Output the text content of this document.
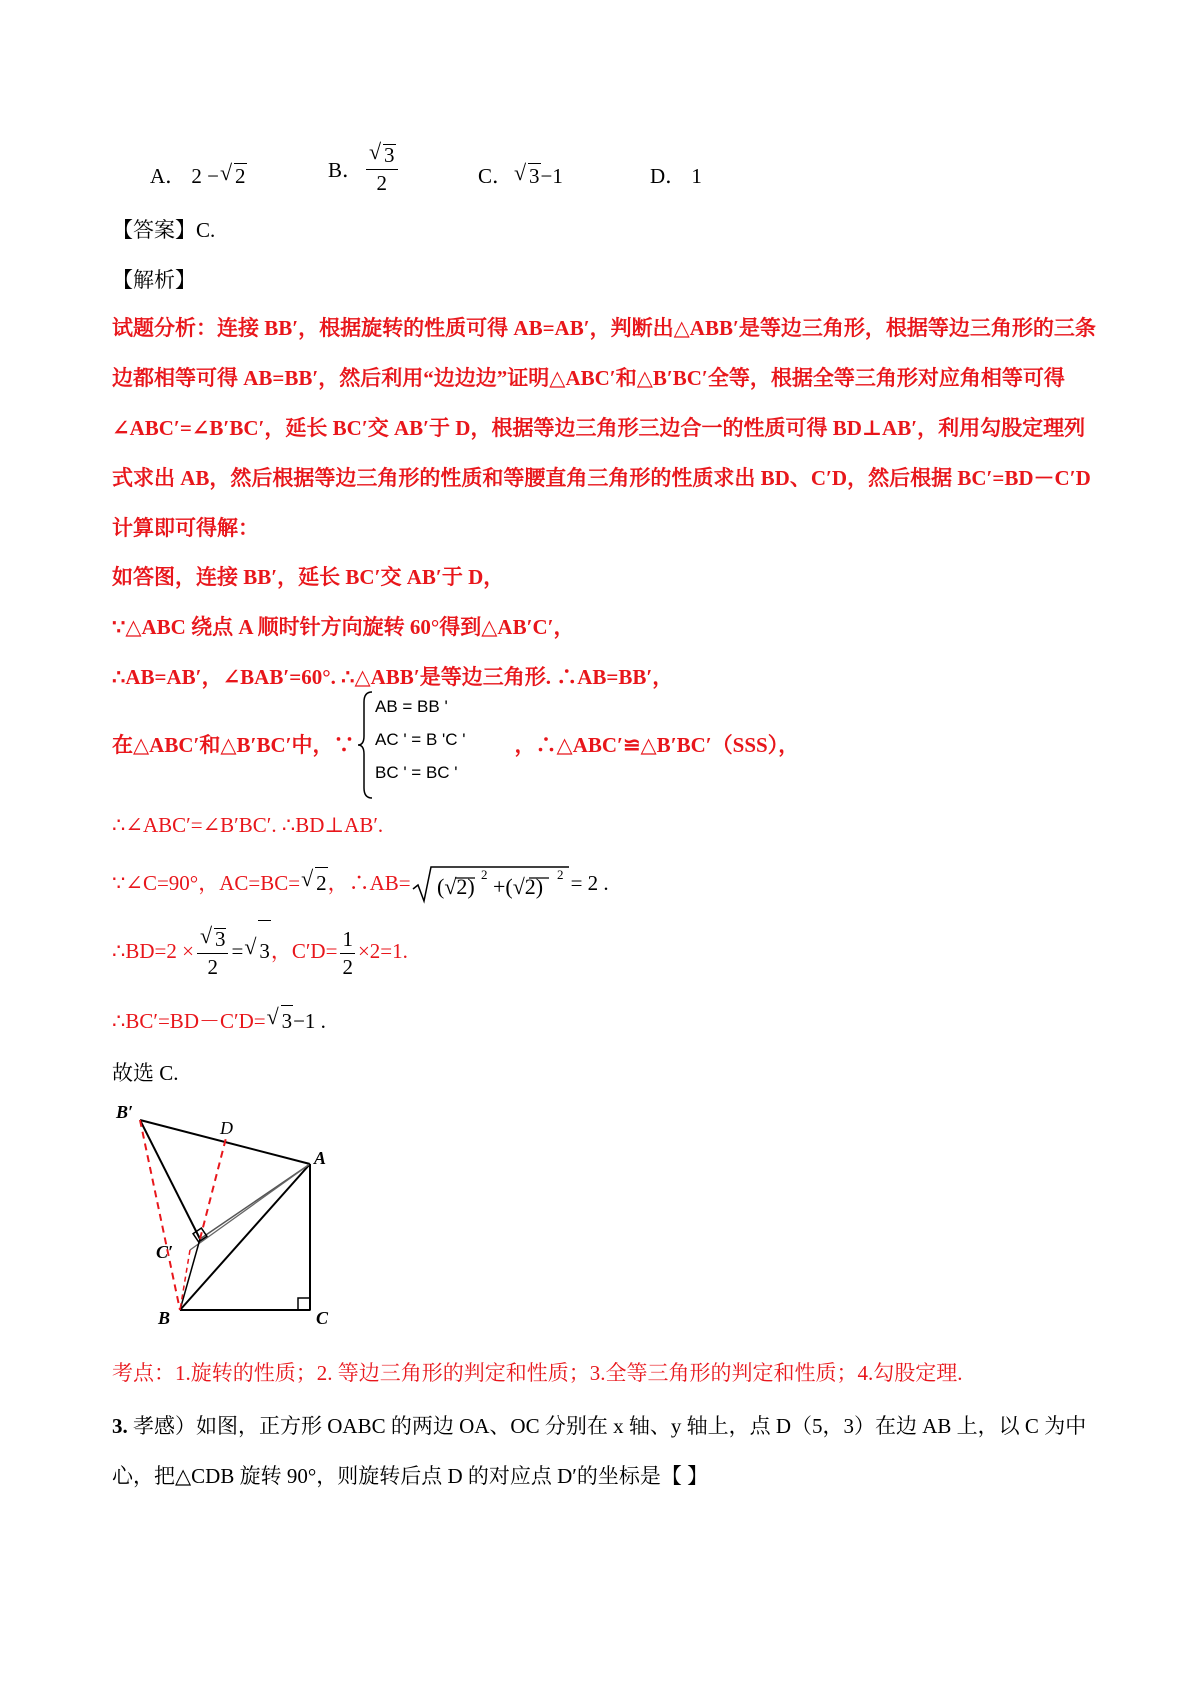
A． 2 − √ 2	B． √ $\frac{3}{2}$	C． √ 3−1	D． 1
【答案】C.
【解析】
试题分析：连接 BB′，根据旋转的性质可得 AB=AB′，判断出△ABB′是等边三角形，根据等边三角形的三条
边都相等可得 AB=BB′，然后利用“边边边”证明△ABC′和△B′BC′全等，根据全等三角形对应角相等可得
∠ABC′=∠B′BC′，延长 BC′交 AB′于 D，根据等边三角形三边合一的性质可得 BD⊥AB′，利用勾股定理列
式求出 AB，然后根据等边三角形的性质和等腰直角三角形的性质求出 BD、C′D，然后根据 BC′=BD－C′D
计算即可得解：
如答图，连接 BB′，延长 BC′交 AB′于 D，
∵△ABC 绕点 A 顺时针方向旋转 60°得到△AB′C′，
∴AB=AB′，∠BAB′=60°. ∴△ABB′是等边三角形. ∴AB=BB′，
在△ABC′和△B′BC′中，∵	，∴△ABC′≌△B′BC′（SSS），
AB = BB '
AC ' = B 'C '
BC ' = BC '
∴∠ABC′=∠B′BC′. ∴BD⊥AB′.
∵∠C=90°，AC=BC= √ 2，∴AB= (√2) 2 +(√2) 2 = 2 .
∴BD=2 × √ $\frac{3}{2}$ = √ 3，$C'D= \frac{1}{2} \times 2=1$.
∴BC′=BD－C′D= √ 3−1 .
故选 C.
B′
D
A
C′
B	C
考点：1.旋转的性质；2. 等边三角形的判定和性质；3.全等三角形的判定和性质；4.勾股定理.
3. 孝感）如图，正方形 OABC 的两边 OA、OC 分别在 x 轴、y 轴上，点 D（5，3）在边 AB 上，以 C 为中
心，把△CDB 旋转 90°，则旋转后点 D 的对应点 D′的坐标是【 】
